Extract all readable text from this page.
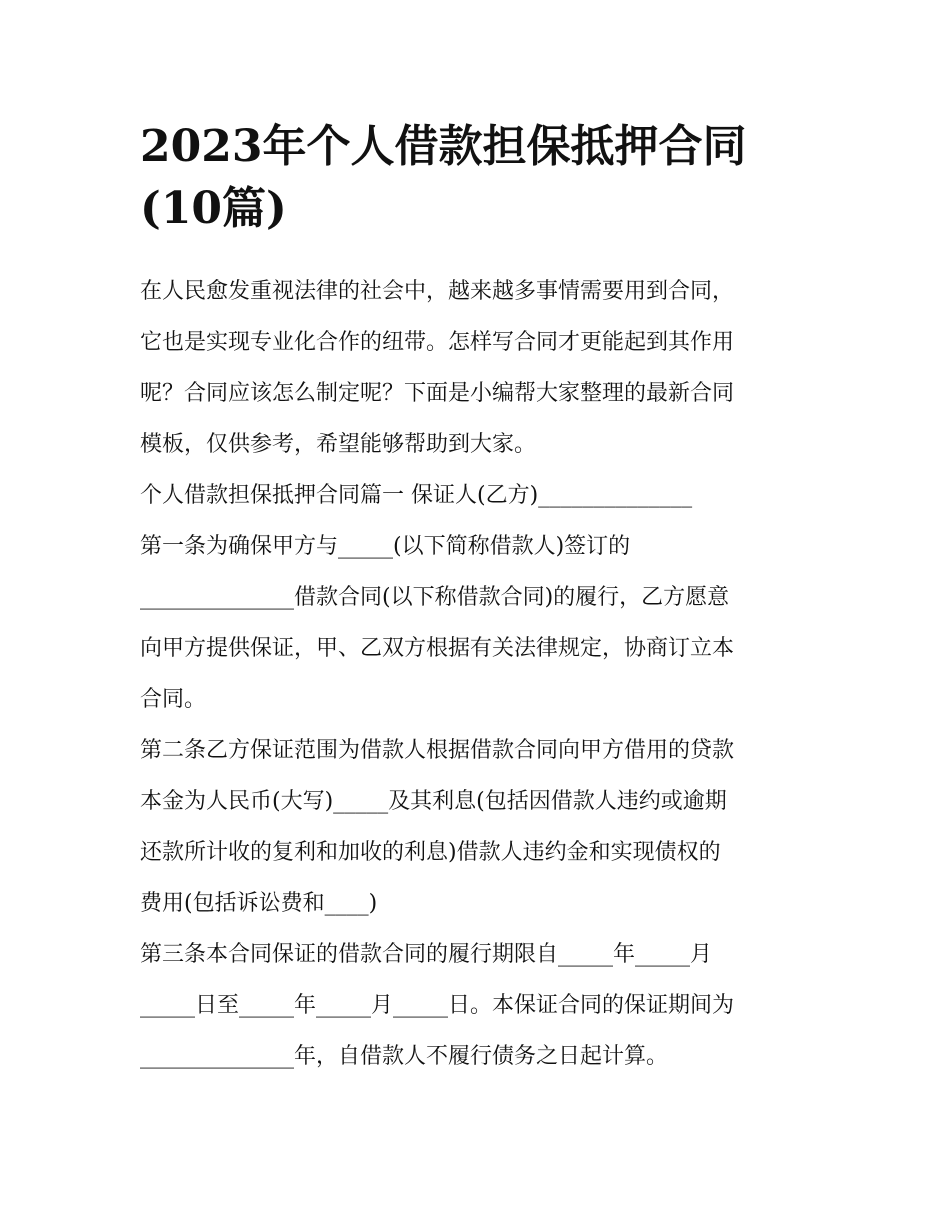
2023年个人借款担保抵押合同
(10篇)
在人民愈发重视法律的社会中，越来越多事情需要用到合同，
它也是实现专业化合作的纽带。怎样写合同才更能起到其作用
呢？合同应该怎么制定呢？下面是小编帮大家整理的最新合同
模板，仅供参考，希望能够帮助到大家。
个人借款担保抵押合同篇一 保证人(乙方)______________
第一条为确保甲方与_____(以下简称借款人)签订的
______________借款合同(以下称借款合同)的履行，乙方愿意
向甲方提供保证，甲、乙双方根据有关法律规定，协商订立本
合同。
第二条乙方保证范围为借款人根据借款合同向甲方借用的贷款
本金为人民币(大写)_____及其利息(包括因借款人违约或逾期
还款所计收的复利和加收的利息)借款人违约金和实现债权的
费用(包括诉讼费和____)
第三条本合同保证的借款合同的履行期限自_____年_____月
_____日至_____年_____月_____日。本保证合同的保证期间为
______________年，自借款人不履行债务之日起计算。
